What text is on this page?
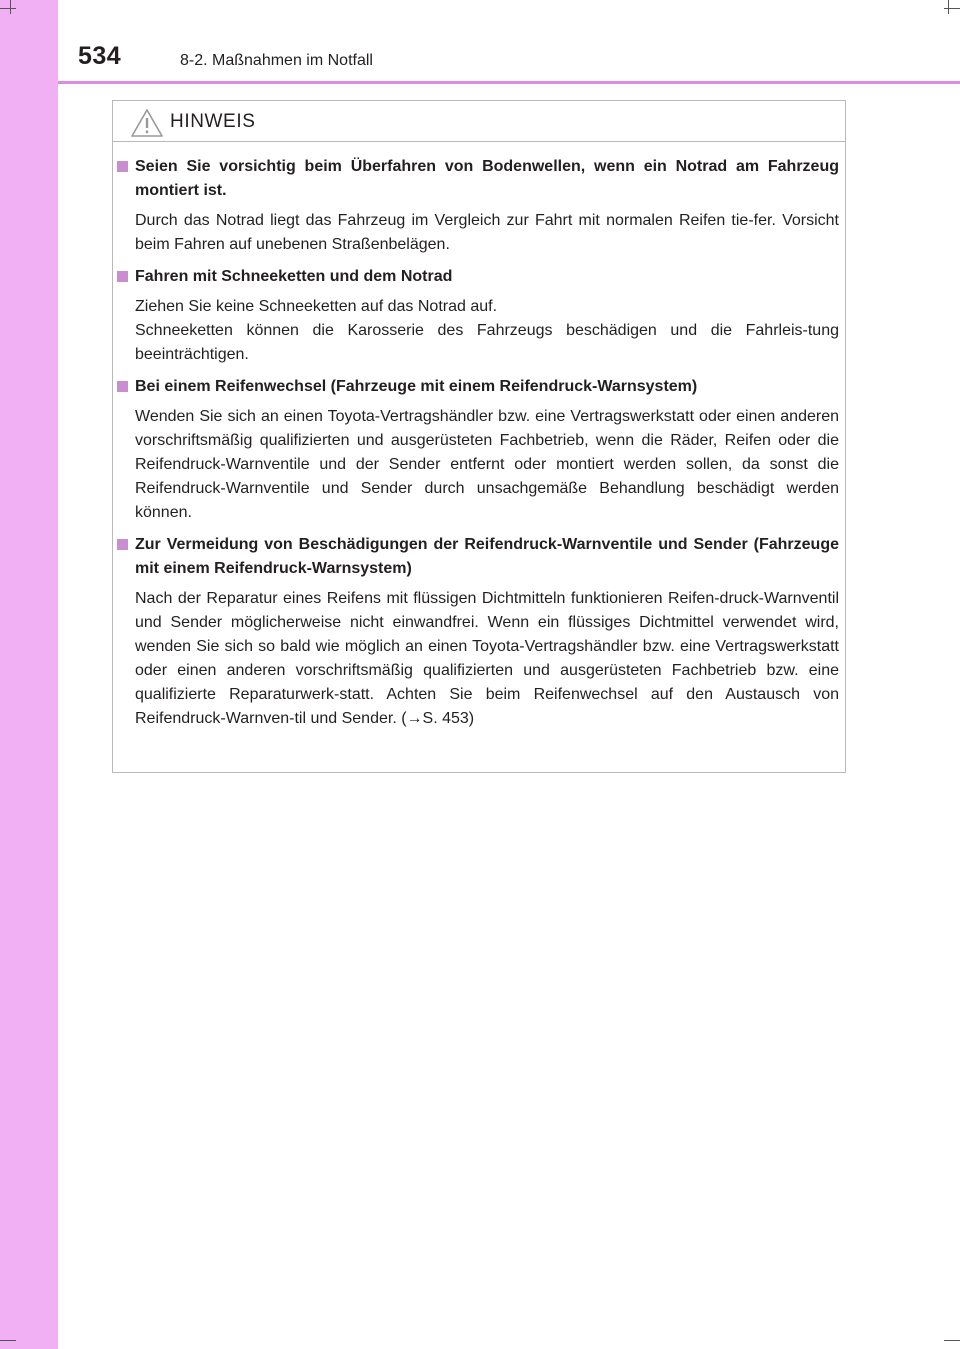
534	8-2. Maßnahmen im Notfall
HINWEIS
Seien Sie vorsichtig beim Überfahren von Bodenwellen, wenn ein Notrad am Fahrzeug montiert ist.

Durch das Notrad liegt das Fahrzeug im Vergleich zur Fahrt mit normalen Reifen tie-fer. Vorsicht beim Fahren auf unebenen Straßenbelägen.

Fahren mit Schneeketten und dem Notrad

Ziehen Sie keine Schneeketten auf das Notrad auf.

Schneeketten können die Karosserie des Fahrzeugs beschädigen und die Fahrleis-tung beeinträchtigen.

Bei einem Reifenwechsel (Fahrzeuge mit einem Reifendruck-Warnsystem)

Wenden Sie sich an einen Toyota-Vertragshändler bzw. eine Vertragswerkstatt oder einen anderen vorschriftsmäßig qualifizierten und ausgerüsteten Fachbetrieb, wenn die Räder, Reifen oder die Reifendruck-Warnventile und der Sender entfernt oder montiert werden sollen, da sonst die Reifendruck-Warnventile und Sender durch unsachgemäße Behandlung beschädigt werden können.

Zur Vermeidung von Beschädigungen der Reifendruck-Warnventile und Sender (Fahrzeuge mit einem Reifendruck-Warnsystem)

Nach der Reparatur eines Reifens mit flüssigen Dichtmitteln funktionieren Reifen-druck-Warnventil und Sender möglicherweise nicht einwandfrei. Wenn ein flüssiges Dichtmittel verwendet wird, wenden Sie sich so bald wie möglich an einen Toyota-Vertragshändler bzw. eine Vertragswerkstatt oder einen anderen vorschriftsmäßig qualifizierten und ausgerüsteten Fachbetrieb bzw. eine qualifizierte Reparaturwerk-statt. Achten Sie beim Reifenwechsel auf den Austausch von Reifendruck-Warnven-til und Sender. (→S. 453)
